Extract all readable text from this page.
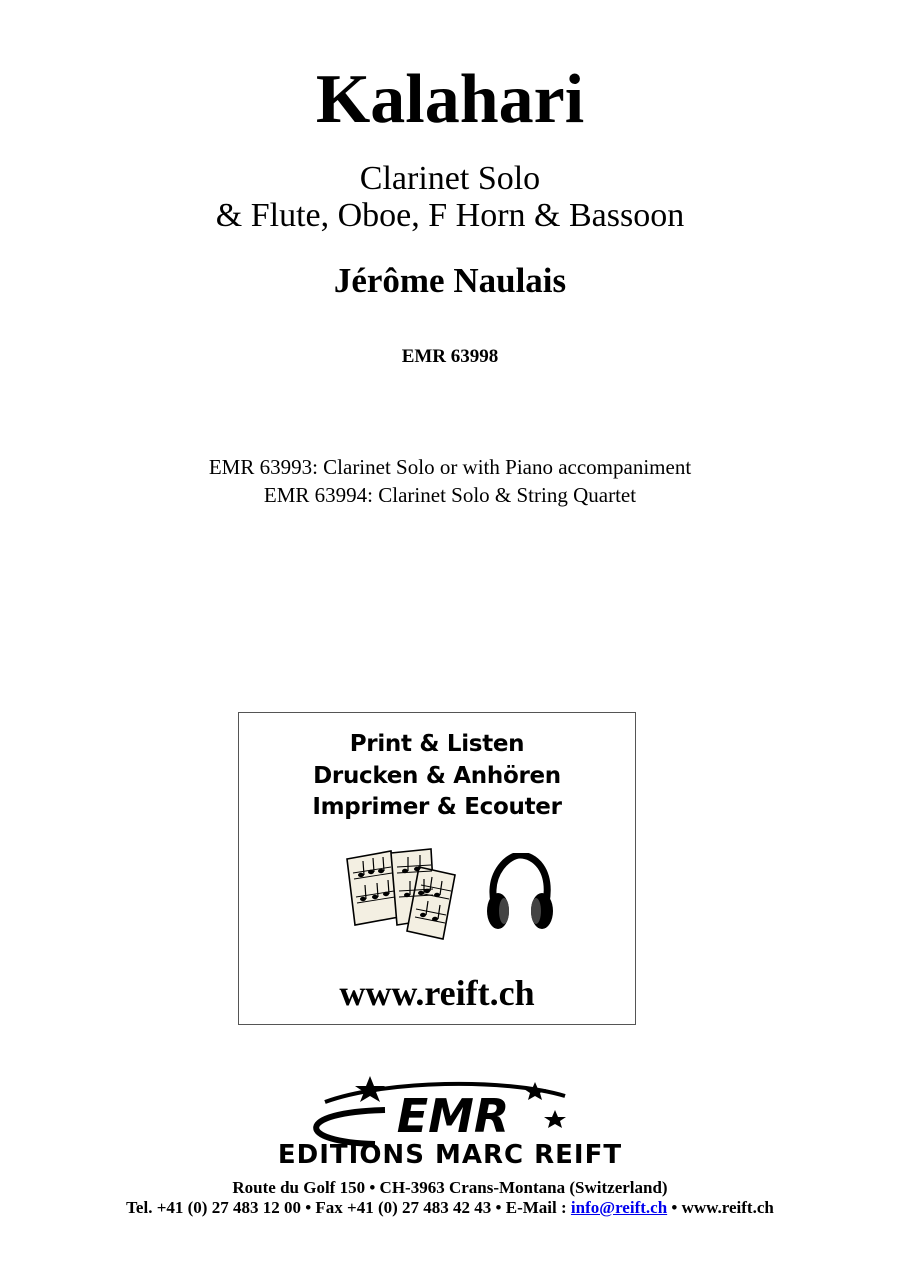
Kalahari
Clarinet Solo
& Flute, Oboe, F Horn & Bassoon
Jérôme Naulais
EMR 63998
EMR 63993: Clarinet Solo or with Piano accompaniment
EMR 63994: Clarinet Solo & String Quartet
Print & Listen
Drucken & Anhören
Imprimer & Ecouter
www.reift.ch
EMR
EDITIONS MARC REIFT
Route du Golf 150 • CH-3963 Crans-Montana (Switzerland)
Tel. +41 (0) 27 483 12 00 • Fax +41 (0) 27 483 42 43 • E-Mail : info@reift.ch • www.reift.ch
